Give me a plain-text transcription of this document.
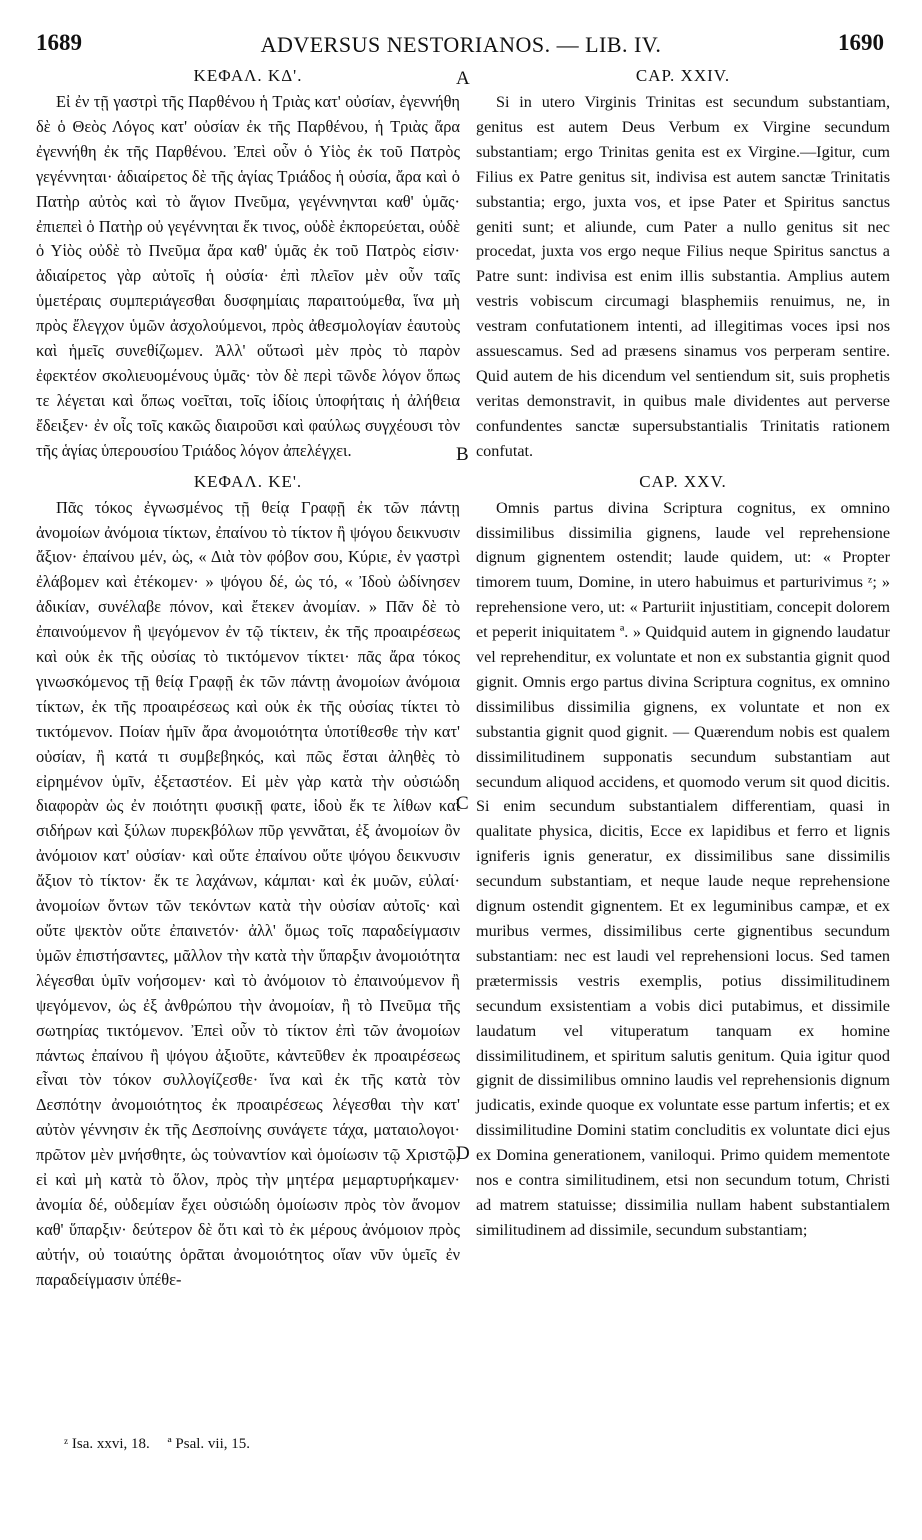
1689	ADVERSUS NESTORIANOS. — LIB. IV.	1690
ΚΕΦΑΛ. ΚΔ'.

Εἰ ἐν τῇ γαστρὶ τῆς Παρθένου ἡ Τριὰς κατ' οὐσίαν, ἐγεννήθη δὲ ὁ Θεὸς Λόγος κατ' οὐσίαν ἐκ τῆς Παρθένου, ἡ Τριὰς ἄρα ἐγεννήθη ἐκ τῆς Παρθένου. Ἐπεὶ οὖν ὁ Υἱὸς ἐκ τοῦ Πατρὸς γεγέννηται· ἀδιαίρετος δὲ τῆς ἁγίας Τριάδος ἡ οὐσία, ἄρα καὶ ὁ Πατὴρ αὐτὸς καὶ τὸ ἅγιον Πνεῦμα, γεγέννηνται καθ' ὑμᾶς· ἐπιεπεὶ ὁ Πατὴρ οὐ γεγέννηται ἔκ τινος, οὐδὲ ἐκπορεύεται, οὐδὲ ὁ Υἱὸς οὐδὲ τὸ Πνεῦμα ἄρα καθ' ὑμᾶς ἐκ τοῦ Πατρὸς εἰσιν· ἀδιαίρετος γὰρ αὐτοῖς ἡ οὐσία· ἐπὶ πλεῖον μὲν οὖν ταῖς ὑμετέραις συμπεριάγεσθαι δυσφημίαις παραιτούμεθα, ἵνα μὴ πρὸς ἔλεγχον ὑμῶν ἀσχολούμενοι, πρὸς ἀθεσμολογίαν ἑαυτοὺς καὶ ἡμεῖς συνεθίζωμεν. Ἀλλ' οὕτωσὶ μὲν πρὸς τὸ παρὸν ἐφεκτέον σκολιευομένους ὑμᾶς· τὸν δὲ περὶ τῶνδε λόγον ὅπως τε λέγεται καὶ ὅπως νοεῖται, τοῖς ἰδίοις ὑποφήταις ἡ ἀλήθεια ἔδειξεν· ἐν οἷς τοῖς κακῶς διαιροῦσι καὶ φαύλως συγχέουσι τὸν τῆς ἁγίας ὑπερουσίου Τριάδος λόγον ἀπελέγχει.

ΚΕΦΑΛ. ΚΕ'.

Πᾶς τόκος ἐγνωσμένος τῇ θείᾳ Γραφῇ ἐκ τῶν πάντῃ ἀνομοίων ἀνόμοια τίκτων, ἐπαίνου τὸ τίκτον ἢ ψόγου δεικνυσιν ἄξιον· ἐπαίνου μέν, ὡς, « Διὰ τὸν φόβον σου, Κύριε, ἐν γαστρὶ ἐλάβομεν καὶ ἐτέκομεν· » ψόγου δέ, ὡς τό, « Ἰδοὺ ὠδίνησεν ἀδικίαν, συνέλαβε πόνον, καὶ ἔτεκεν ἀνομίαν. » Πᾶν δὲ τὸ ἐπαινούμενον ἢ ψεγόμενον ἐν τῷ τίκτειν, ἐκ τῆς προαιρέσεως καὶ οὐκ ἐκ τῆς οὐσίας τὸ τικτόμενον τίκτει· πᾶς ἄρα τόκος γινωσκόμενος τῇ θείᾳ Γραφῇ ἐκ τῶν πάντῃ ἀνομοίων ἀνόμοια τίκτων, ἐκ τῆς προαιρέσεως καὶ οὐκ ἐκ τῆς οὐσίας τίκτει τὸ τικτόμενον. Ποίαν ἡμῖν ἄρα ἀνομοιότητα ὑποτίθεσθε τὴν κατ' οὐσίαν, ἢ κατά τι συμβεβηκός, καὶ πῶς ἔσται ἀληθὲς τὸ εἰρημένον ὑμῖν, ἐξεταστέον. Εἰ μὲν γὰρ κατὰ τὴν οὐσιώδη διαφορὰν ὡς ἐν ποιότητι φυσικῇ φατε, ἰδοὺ ἔκ τε λίθων καὶ σιδήρων καὶ ξύλων πυρεκβόλων πῦρ γεννᾶται, ἐξ ἀνομοίων ὂν ἀνόμοιον κατ' οὐσίαν· καὶ οὔτε ἐπαίνου οὔτε ψόγου δεικνυσιν ἄξιον τὸ τίκτον· ἔκ τε λαχάνων, κάμπαι· καὶ ἐκ μυῶν, εὐλαί· ἀνομοίων ὄντων τῶν τεκόντων κατὰ τὴν οὐσίαν αὐτοῖς· καὶ οὔτε ψεκτὸν οὔτε ἐπαινετόν· ἀλλ' ὅμως τοῖς παραδείγμασιν ὑμῶν ἐπιστήσαντες, μᾶλλον τὴν κατὰ τὴν ὕπαρξιν ἀνομοιότητα λέγεσθαι ὑμῖν νοήσομεν· καὶ τὸ ἀνόμοιον τὸ ἐπαινούμενον ἢ ψεγόμενον, ὡς ἐξ ἀνθρώπου τὴν ἀνομοίαν, ἢ τὸ Πνεῦμα τῆς σωτηρίας τικτόμενον. Ἐπεὶ οὖν τὸ τίκτον ἐπὶ τῶν ἀνομοίων πάντως ἐπαίνου ἢ ψόγου ἀξιοῦτε, κἀντεῦθεν ἐκ προαιρέσεως εἶναι τὸν τόκον συλλογίζεσθε· ἵνα καὶ ἐκ τῆς κατὰ τὸν Δεσπότην ἀνομοιότητος ἐκ προαιρέσεως λέγεσθαι τὴν κατ' αὐτὸν γέννησιν ἐκ τῆς Δεσποίνης συνάγετε τάχα, ματαιολογοι· πρῶτον μὲν μνήσθητε, ὡς τοὐναντίον καὶ ὁμοίωσιν τῷ Χριστῷ, εἰ καὶ μὴ κατὰ τὸ ὅλον, πρὸς τὴν μητέρα μεμαρτυρήκαμεν· ἀνομία δέ, οὐδεμίαν ἔχει οὐσιώδη ὁμοίωσιν πρὸς τὸν ἄνομον καθ' ὕπαρξιν· δεύτερον δὲ ὅτι καὶ τὸ ἐκ μέρους ἀνόμοιον πρὸς αὐτήν, οὐ τοιαύτης ὁρᾶται ἀνομοιότητος οἵαν νῦν ὑμεῖς ἐν παραδείγμασιν ὑπέθε-

A
B
C
D
CAP. XXIV.

Si in utero Virginis Trinitas est secundum substantiam, genitus est autem Deus Verbum ex Virgine secundum substantiam; ergo Trinitas genita est ex Virgine.—Igitur, cum Filius ex Patre genitus sit, indivisa est autem sanctæ Trinitatis substantia; ergo, juxta vos, et ipse Pater et Spiritus sanctus geniti sunt; et aliunde, cum Pater a nullo genitus sit nec procedat, juxta vos ergo neque Filius neque Spiritus sanctus a Patre sunt: indivisa est enim illis substantia. Amplius autem vestris vobiscum circumagi blasphemiis renuimus, ne, in vestram confutationem intenti, ad illegitimas voces ipsi nos assuescamus. Sed ad præsens sinamus vos perperam sentire. Quid autem de his dicendum vel sentiendum sit, suis prophetis veritas demonstravit, in quibus male dividentes aut perverse confundentes sanctæ supersubstantialis Trinitatis rationem confutat.

CAP. XXV.

Omnis partus divina Scriptura cognitus, ex omnino dissimilibus dissimilia gignens, laude vel reprehensione dignum gignentem ostendit; laude quidem, ut: « Propter timorem tuum, Domine, in utero habuimus et parturivimus ᶻ; » reprehensione vero, ut: « Parturiit injustitiam, concepit dolorem et peperit iniquitatem ª. » Quidquid autem in gignendo laudatur vel reprehenditur, ex voluntate et non ex substantia gignit quod gignit. Omnis ergo partus divina Scriptura cognitus, ex omnino dissimilibus dissimilia gignens, ex voluntate et non ex substantia gignit quod gignit. — Quærendum nobis est qualem dissimilitudinem supponatis secundum substantiam aut secundum aliquod accidens, et quomodo verum sit quod dicitis. Si enim secundum substantialem differentiam, quasi in qualitate physica, dicitis, Ecce ex lapidibus et ferro et lignis igniferis ignis generatur, ex dissimilibus sane dissimilis secundum substantiam, et neque laude neque reprehensione dignum ostendit gignentem. Et ex leguminibus campæ, et ex muribus vermes, dissimilibus certe gignentibus secundum substantiam: nec est laudi vel reprehensioni locus. Sed tamen prætermissis vestris exemplis, potius dissimilitudinem secundum exsistentiam a vobis dici putabimus, et dissimile laudatum vel vituperatum tanquam ex homine dissimilitudinem, et spiritum salutis genitum. Quia igitur quod gignit de dissimilibus omnino laudis vel reprehensionis dignum judicatis, exinde quoque ex voluntate esse partum infertis; et ex dissimilitudine Domini statim concluditis ex voluntate dici ejus ex Domina generationem, vaniloqui. Primo quidem mementote nos e contra similitudinem, etsi non secundum totum, Christi ad matrem statuisse; dissimilia nullam habent substantialem similitudinem ad dissimile, secundum substantiam;

ᶻ Isa. xxvi, 18. ª Psal. vii, 15.
